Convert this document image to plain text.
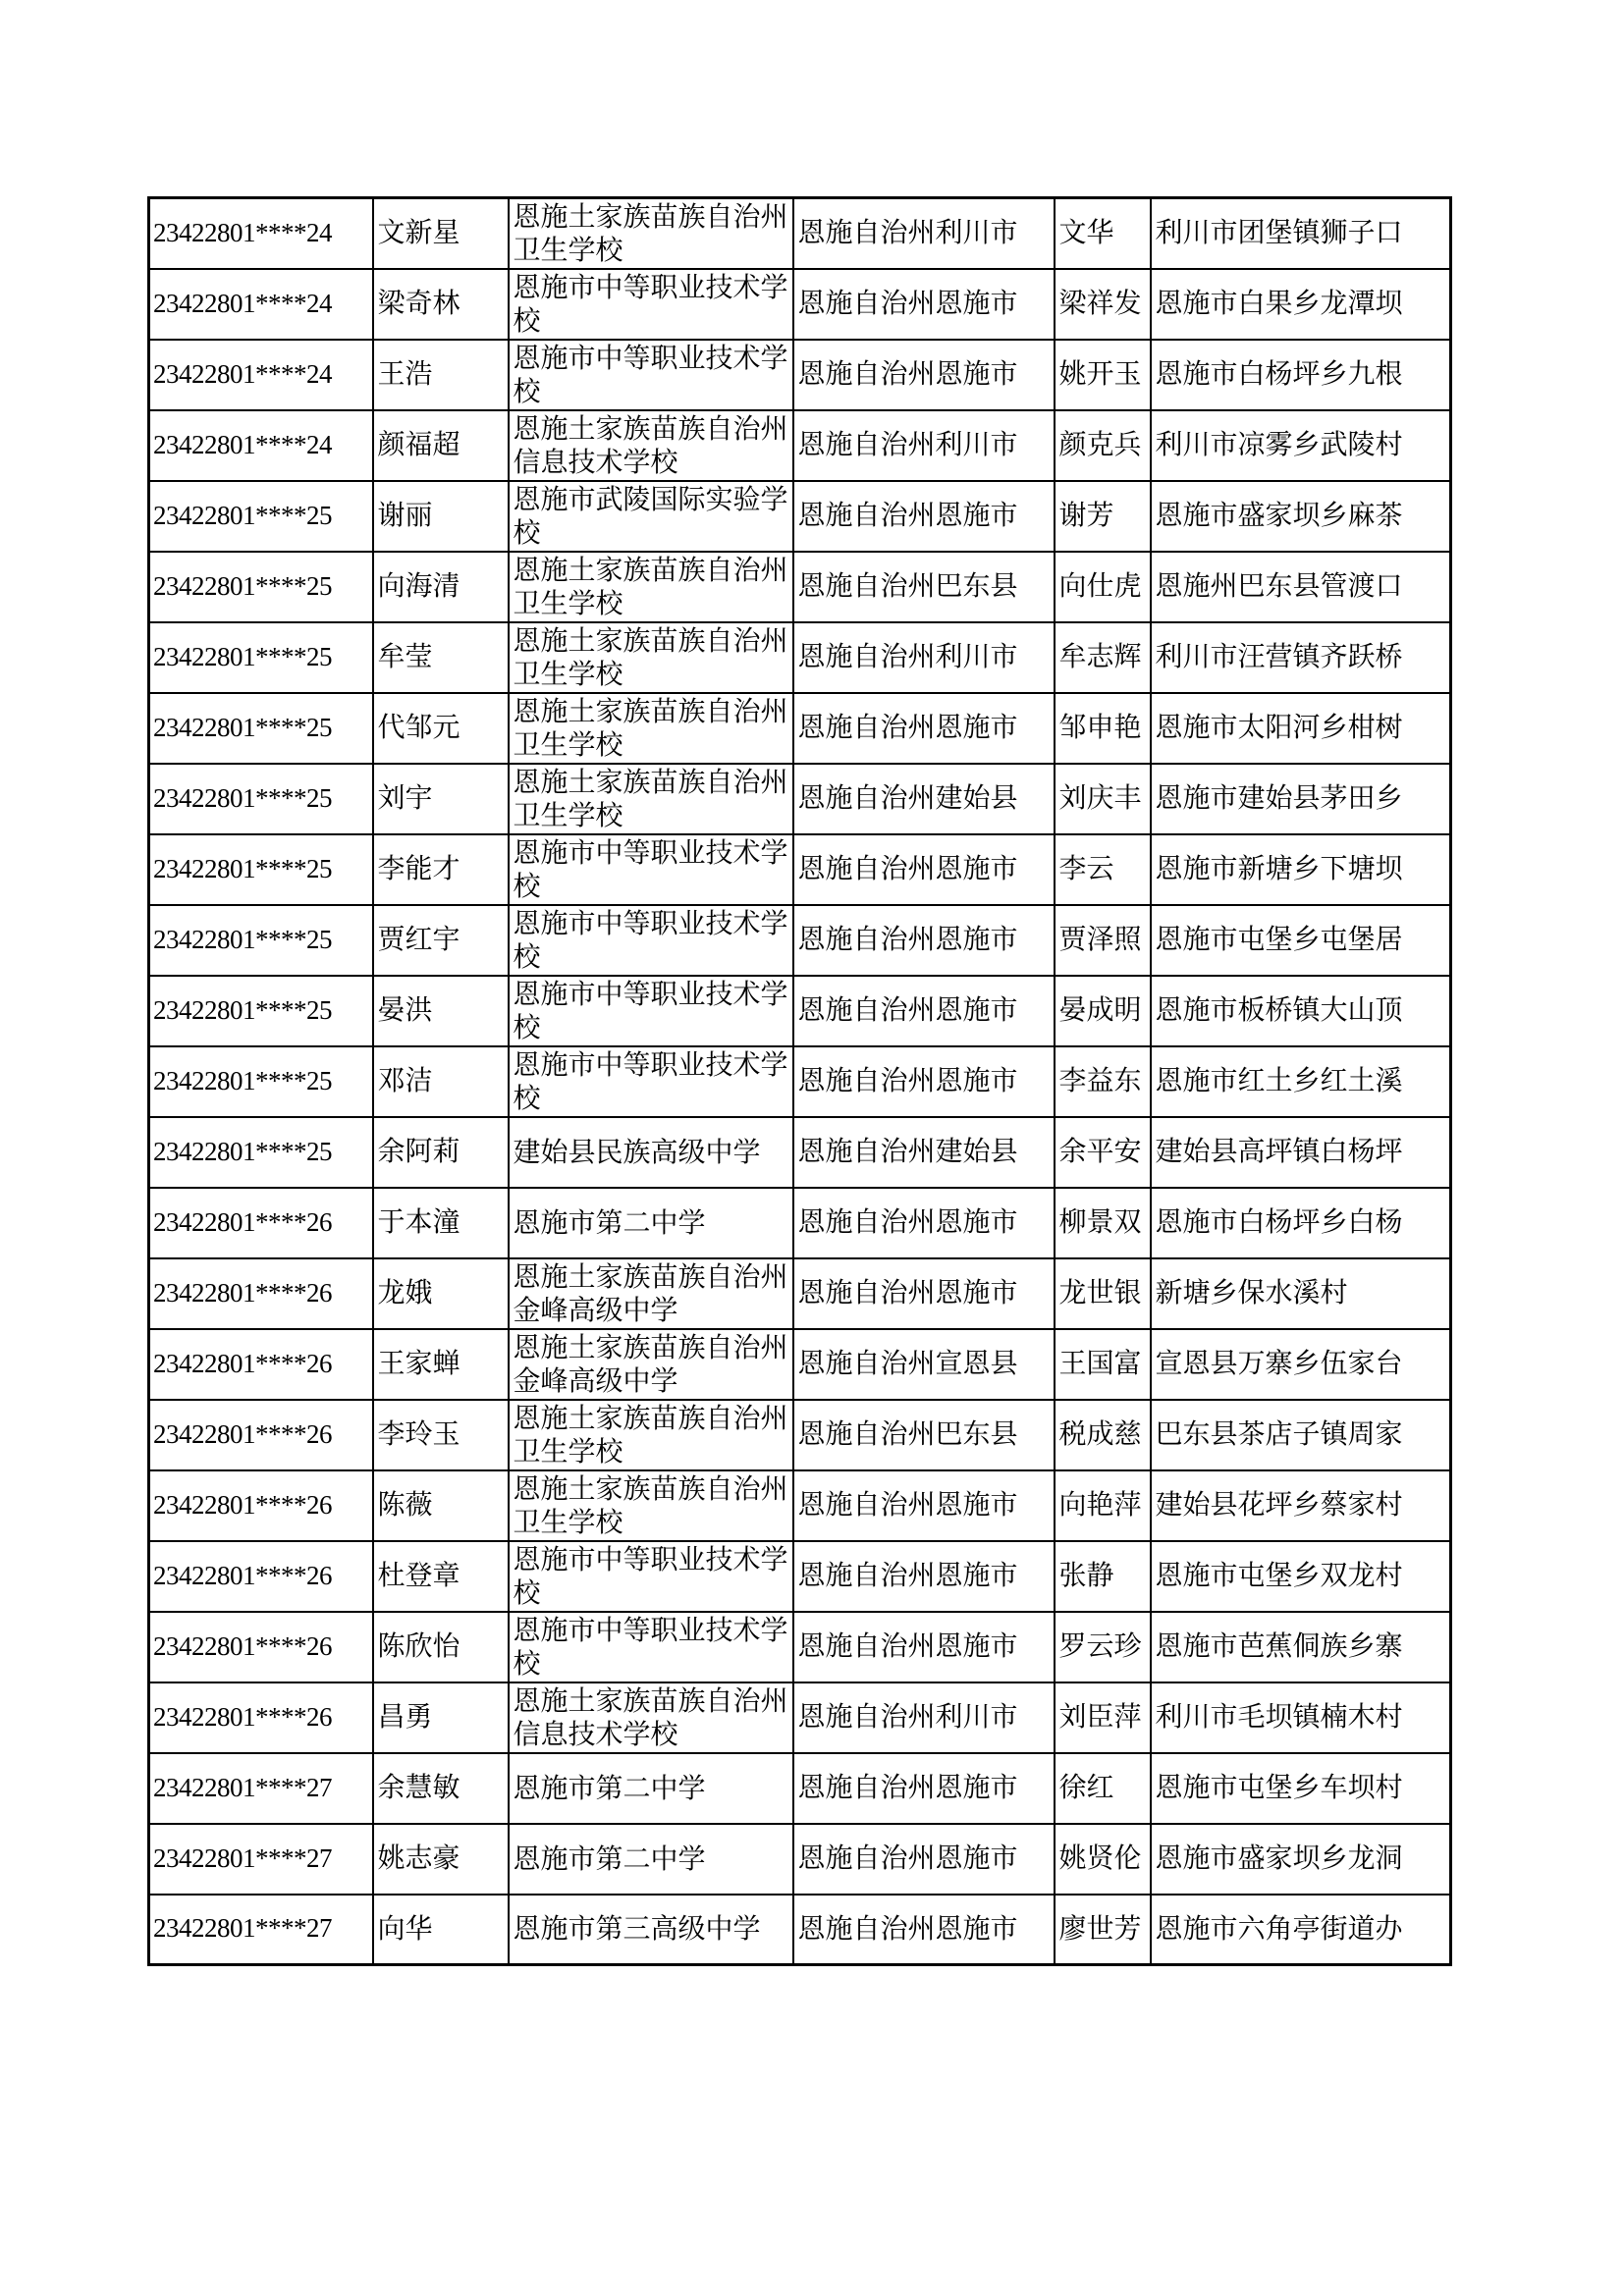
23422801****24	文新星	恩施土家族苗族自治州卫生学校	恩施自治州利川市	文华	利川市团堡镇狮子口
23422801****24	梁奇林	恩施市中等职业技术学校	恩施自治州恩施市	梁祥发	恩施市白果乡龙潭坝
23422801****24	王浩	恩施市中等职业技术学校	恩施自治州恩施市	姚开玉	恩施市白杨坪乡九根
23422801****24	颜福超	恩施土家族苗族自治州信息技术学校	恩施自治州利川市	颜克兵	利川市凉雾乡武陵村
23422801****25	谢丽	恩施市武陵国际实验学校	恩施自治州恩施市	谢芳	恩施市盛家坝乡麻茶
23422801****25	向海清	恩施土家族苗族自治州卫生学校	恩施自治州巴东县	向仕虎	恩施州巴东县管渡口
23422801****25	牟莹	恩施土家族苗族自治州卫生学校	恩施自治州利川市	牟志辉	利川市汪营镇齐跃桥
23422801****25	代邹元	恩施土家族苗族自治州卫生学校	恩施自治州恩施市	邹申艳	恩施市太阳河乡柑树
23422801****25	刘宇	恩施土家族苗族自治州卫生学校	恩施自治州建始县	刘庆丰	恩施市建始县茅田乡
23422801****25	李能才	恩施市中等职业技术学校	恩施自治州恩施市	李云	恩施市新塘乡下塘坝
23422801****25	贾红宇	恩施市中等职业技术学校	恩施自治州恩施市	贾泽照	恩施市屯堡乡屯堡居
23422801****25	晏洪	恩施市中等职业技术学校	恩施自治州恩施市	晏成明	恩施市板桥镇大山顶
23422801****25	邓洁	恩施市中等职业技术学校	恩施自治州恩施市	李益东	恩施市红土乡红土溪
23422801****25	余阿莉	建始县民族高级中学	恩施自治州建始县	余平安	建始县高坪镇白杨坪
23422801****26	于本潼	恩施市第二中学	恩施自治州恩施市	柳景双	恩施市白杨坪乡白杨
23422801****26	龙娥	恩施土家族苗族自治州金峰高级中学	恩施自治州恩施市	龙世银	新塘乡保水溪村
23422801****26	王家蝉	恩施土家族苗族自治州金峰高级中学	恩施自治州宣恩县	王国富	宣恩县万寨乡伍家台
23422801****26	李玲玉	恩施土家族苗族自治州卫生学校	恩施自治州巴东县	税成慈	巴东县茶店子镇周家
23422801****26	陈薇	恩施土家族苗族自治州卫生学校	恩施自治州恩施市	向艳萍	建始县花坪乡蔡家村
23422801****26	杜登章	恩施市中等职业技术学校	恩施自治州恩施市	张静	恩施市屯堡乡双龙村
23422801****26	陈欣怡	恩施市中等职业技术学校	恩施自治州恩施市	罗云珍	恩施市芭蕉侗族乡寨
23422801****26	昌勇	恩施土家族苗族自治州信息技术学校	恩施自治州利川市	刘臣萍	利川市毛坝镇楠木村
23422801****27	余慧敏	恩施市第二中学	恩施自治州恩施市	徐红	恩施市屯堡乡车坝村
23422801****27	姚志豪	恩施市第二中学	恩施自治州恩施市	姚贤伦	恩施市盛家坝乡龙洞
23422801****27	向华	恩施市第三高级中学	恩施自治州恩施市	廖世芳	恩施市六角亭街道办
